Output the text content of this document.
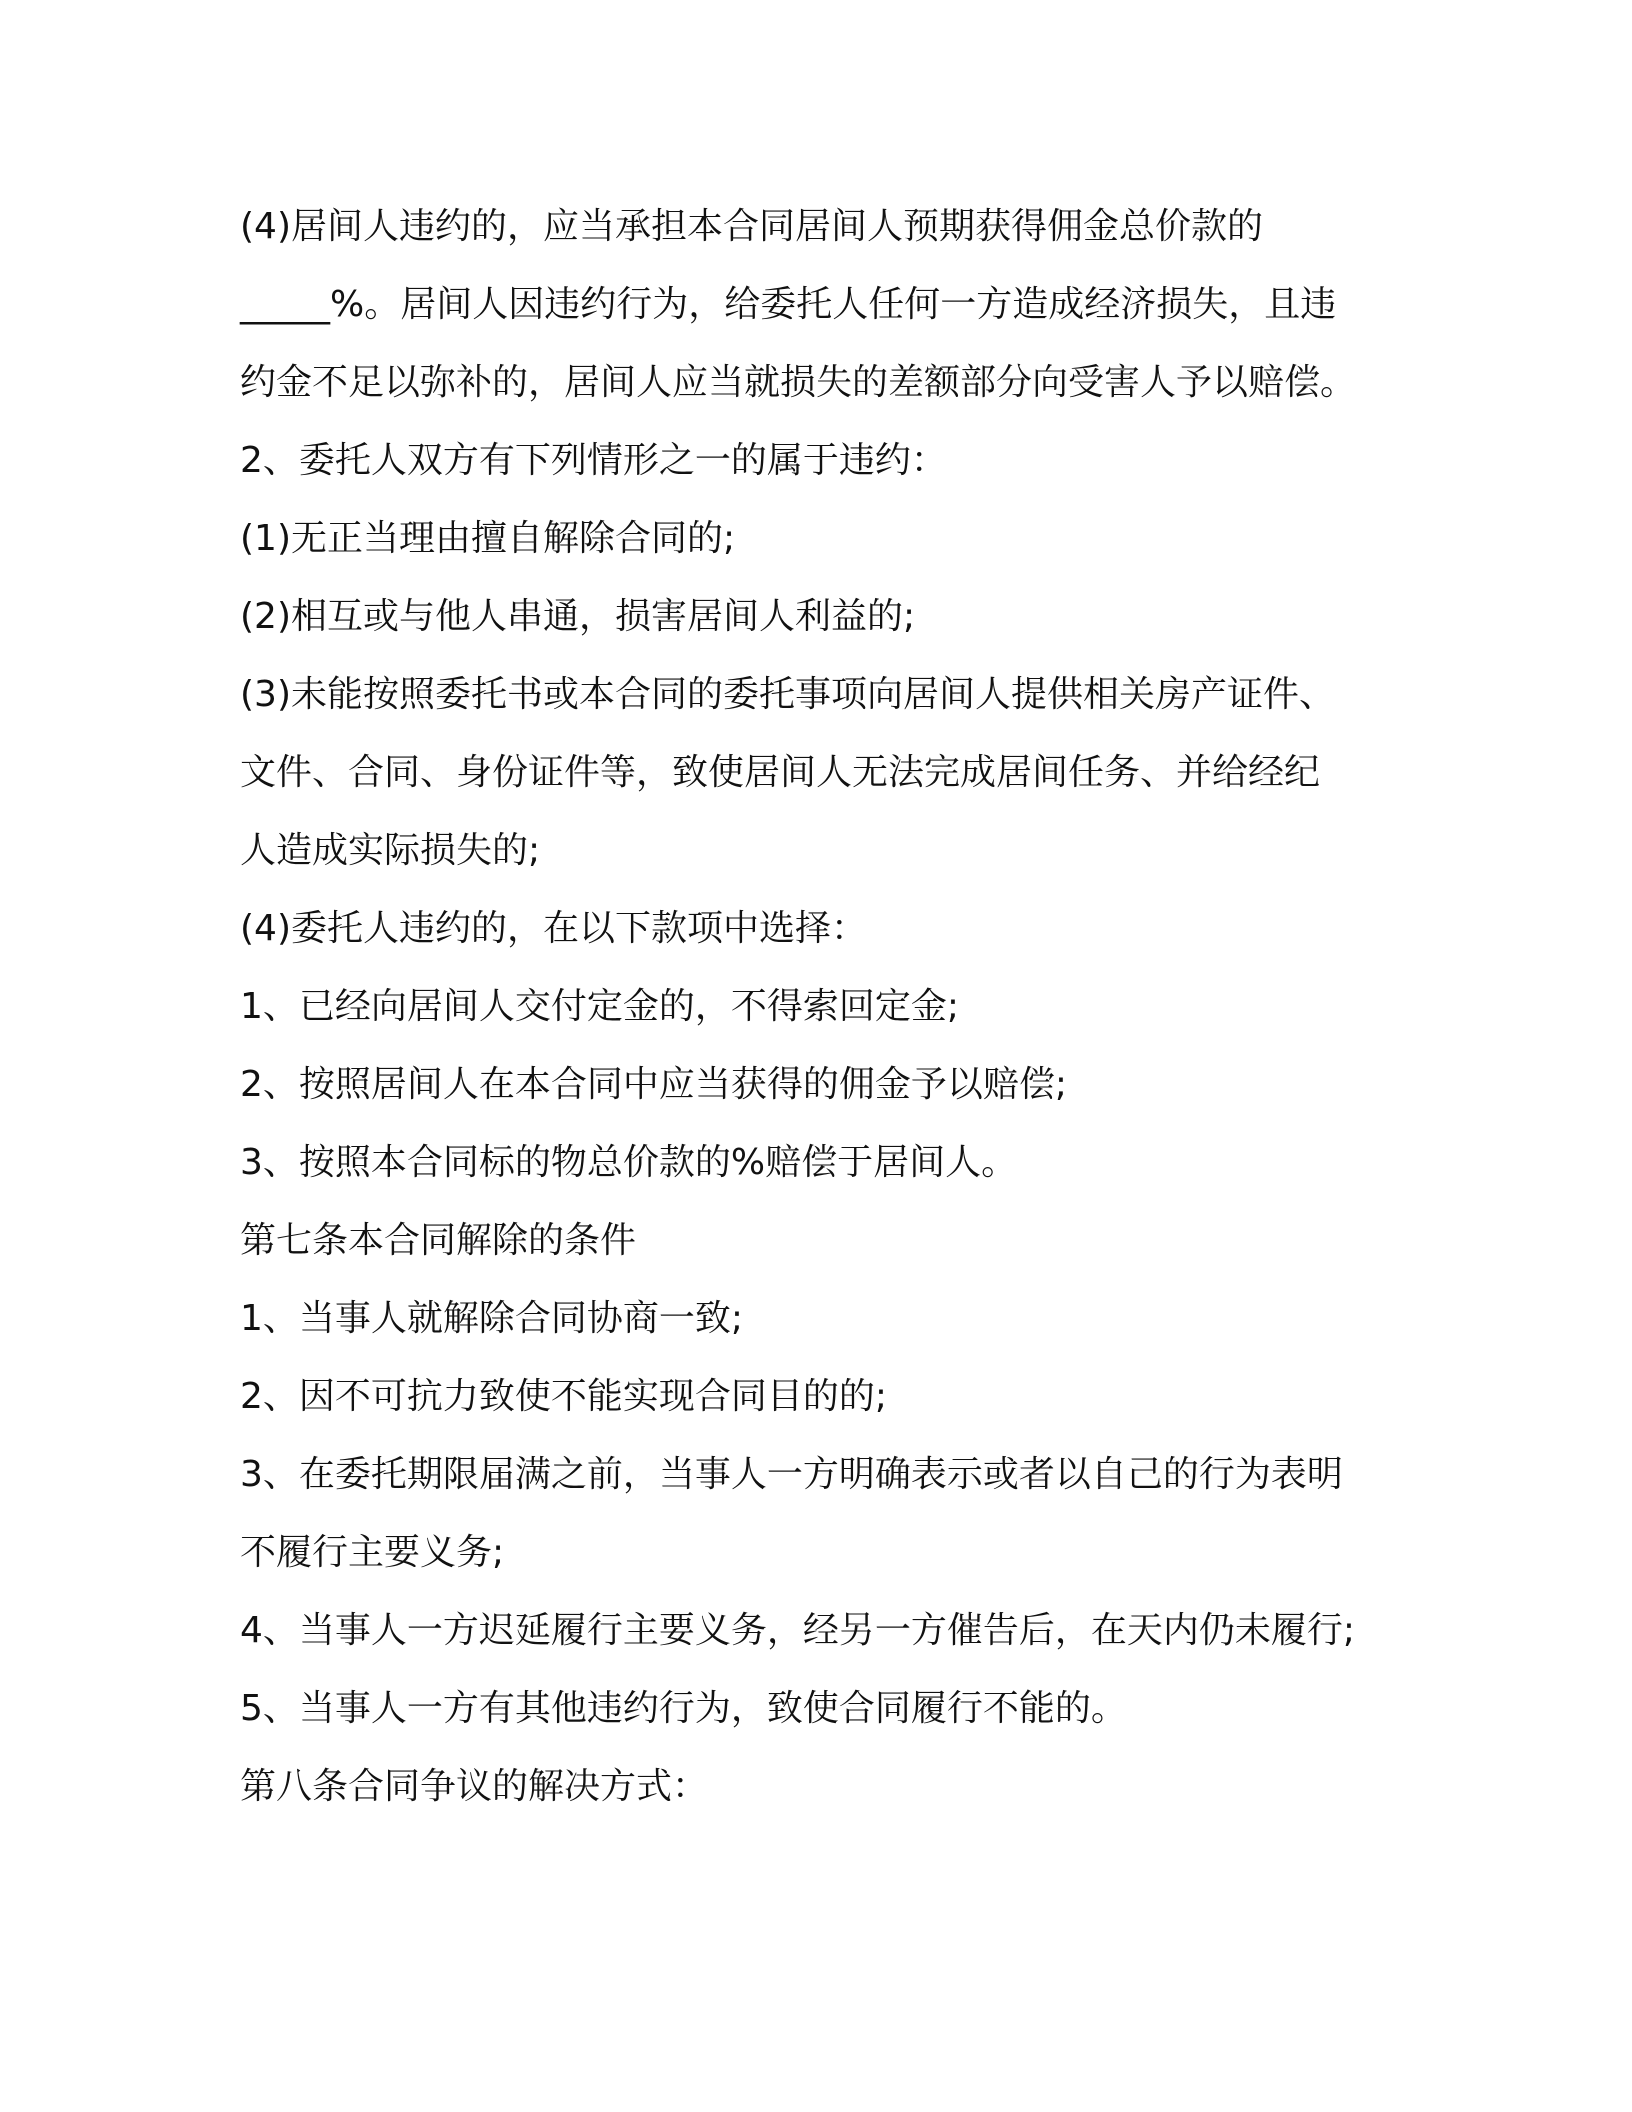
(4)居间人违约的，应当承担本合同居间人预期获得佣金总价款的

_____%。居间人因违约行为，给委托人任何一方造成经济损失，且违

约金不足以弥补的，居间人应当就损失的差额部分向受害人予以赔偿。

2、委托人双方有下列情形之一的属于违约：

(1)无正当理由擅自解除合同的;

(2)相互或与他人串通，损害居间人利益的;

(3)未能按照委托书或本合同的委托事项向居间人提供相关房产证件、

文件、合同、身份证件等，致使居间人无法完成居间任务、并给经纪

人造成实际损失的;

(4)委托人违约的，在以下款项中选择：

1、已经向居间人交付定金的，不得索回定金;

2、按照居间人在本合同中应当获得的佣金予以赔偿;

3、按照本合同标的物总价款的%赔偿于居间人。

第七条本合同解除的条件

1、当事人就解除合同协商一致;

2、因不可抗力致使不能实现合同目的的;

3、在委托期限届满之前，当事人一方明确表示或者以自己的行为表明

不履行主要义务;

4、当事人一方迟延履行主要义务，经另一方催告后，在天内仍未履行;

5、当事人一方有其他违约行为，致使合同履行不能的。

第八条合同争议的解决方式：
